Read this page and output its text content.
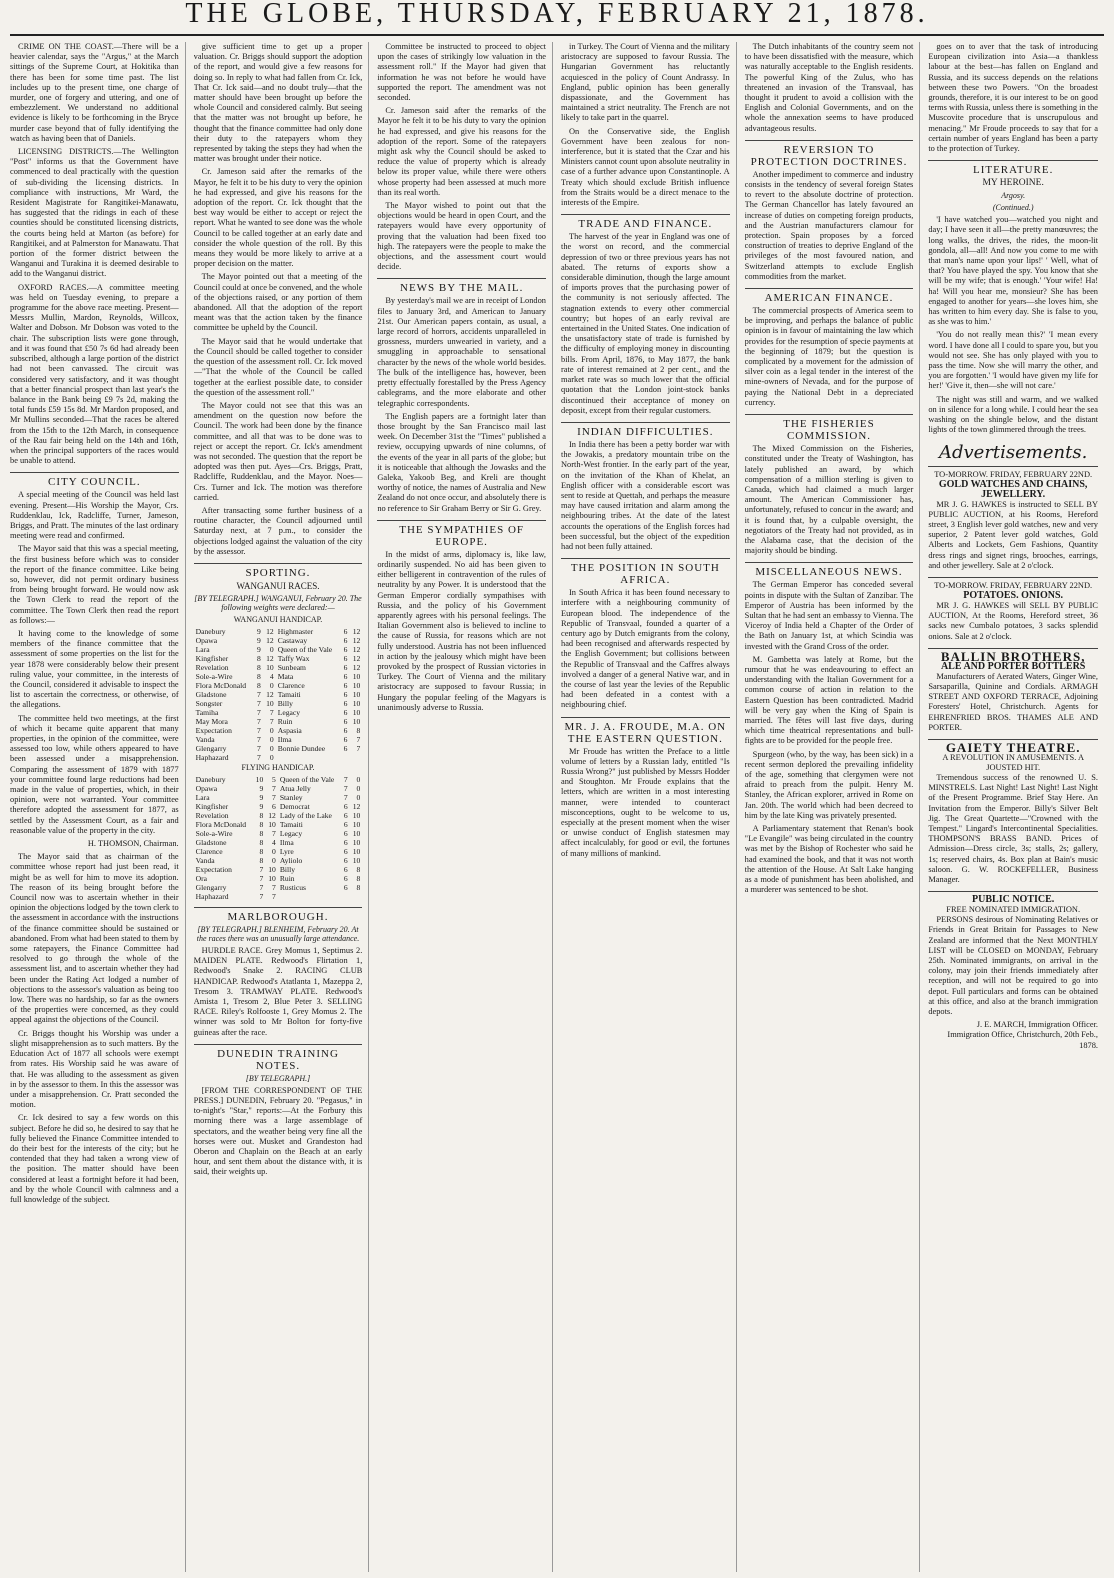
THE GLOBE, THURSDAY, FEBRUARY 21, 1878.

CRIME ON THE COAST.—There will be a heavier calendar, says the "Argus," at the March sittings of the Supreme Court, at Hokitika than there has been for some time past. The list includes up to the present time, one charge of murder, one of forgery and uttering, and one of embezzlement. We understand no additional evidence is likely to be forthcoming in the Bryce murder case beyond that of fully identifying the watch as having been that of Daniels.

LICENSING DISTRICTS.—The Wellington "Post" informs us that the Government have commenced to deal practically with the question of sub-dividing the licensing districts. In compliance with instructions, Mr Ward, the Resident Magistrate for Rangitikei-Manawatu, has suggested that the ridings in each of these counties should be constituted licensing districts, the courts being held at Marton (as before) for Rangitikei, and at Palmerston for Manawatu. That portion of the former district between the Wanganui and Turakina it is deemed desirable to add to the Wanganui district.

OXFORD RACES.—A committee meeting was held on Tuesday evening, to prepare a programme for the above race meeting. Present—Messrs Mullin, Mardon, Reynolds, Willcox, Walter and Dobson. Mr Dobson was voted to the chair. The subscription lists were gone through, and it was found that £50 7s 6d had already been subscribed, although a large portion of the district had not been canvassed. The circuit was considered very satisfactory, and it was thought that a better financial prospect than last year's the balance in the Bank being £9 7s 2d, making the total funds £59 15s 8d. Mr Mardon proposed, and Mr Mullins seconded—That the races be altered from the 15th to the 12th March, in consequence of the Rau fair being held on the 14th and 16th, when the principal supporters of the races would be unable to attend.

CITY COUNCIL.

A special meeting of the Council was held last evening. Present—His Worship the Mayor, Crs. Ruddenklau, Ick, Radcliffe, Turner, Jameson, Briggs, and Pratt. The minutes of the last ordinary meeting were read and confirmed.

The Mayor said that this was a special meeting, the first business before which was to consider the report of the finance committee. Like being so, however, did not permit ordinary business from being brought forward. He would now ask the Town Clerk to read the report of the committee. The Town Clerk then read the report as follows:—

It having come to the knowledge of some members of the finance committee that the assessment of some properties on the list for the year 1878 were considerably below their present ruling value, your committee, in the interests of the Council, considered it advisable to inspect the list to ascertain the correctness, or otherwise, of the allegations.

The committee held two meetings, at the first of which it became quite apparent that many properties, in the opinion of the committee, were assessed too low, while others appeared to have been assessed under a misapprehension. Comparing the assessment of 1879 with 1877 your committee found large reductions had been made in the value of properties, which, in their opinion, were not warranted. Your committee therefore adopted the assessment for 1877, as settled by the Assessment Court, as a fair and reasonable value of the property in the city.

H. THOMSON, Chairman.

The Mayor said that as chairman of the committee whose report had just been read, it might be as well for him to move its adoption. The reason of its being brought before the Council now was to ascertain whether in their opinion the objections lodged by the town clerk to the assessment in accordance with the instructions of the finance committee should be sustained or abandoned. From what had been stated to them by some ratepayers, the Finance Committee had resolved to go through the whole of the assessment list, and to ascertain whether they had been under the Rating Act lodged a number of objections to the assessor's valuation as being too low. There was no hardship, so far as the owners of the properties were concerned, as they could appeal against the objections of the Council.

Cr. Briggs thought his Worship was under a slight misapprehension as to such matters. By the Education Act of 1877 all schools were exempt from rates. His Worship said he was aware of that. He was alluding to the assessment as given in by the assessor to them. In this the assessor was under a misapprehension. Cr. Pratt seconded the motion.

Cr. Ick desired to say a few words on this subject. Before he did so, he desired to say that he fully believed the Finance Committee intended to do their best for the interests of the city; but he contended that they had taken a wrong view of the position. The matter should have been considered at least a fortnight before it had been, and by the whole Council with calmness and a full knowledge of the subject.

give sufficient time to get up a proper valuation. Cr. Briggs should support the adoption of the report, and would give a few reasons for doing so. In reply to what had fallen from Cr. Ick, That Cr. Ick said—and no doubt truly—that the matter should have been brought up before the whole Council and considered calmly. But seeing that the matter was not brought up before, he thought that the finance committee had only done their duty to the ratepayers whom they represented by taking the steps they had when the matter was brought under their notice.

Cr. Jameson said after the remarks of the Mayor, he felt it to be his duty to very the opinion he had expressed, and give his reasons for the adoption of the report. Cr. Ick thought that the best way would be either to accept or reject the report. What he wanted to see done was the whole Council to be called together at an early date and consider the whole question of the roll. By this means they would be more likely to arrive at a proper decision on the matter.

The Mayor pointed out that a meeting of the Council could at once be convened, and the whole of the objections raised, or any portion of them abandoned. All that the adoption of the report meant was that the action taken by the finance committee be upheld by the Council.

The Mayor said that he would undertake that the Council should be called together to consider the question of the assessment roll. Cr. Ick moved—"That the whole of the Council be called together at the earliest possible date, to consider the question of the assessment roll."

The Mayor could not see that this was an amendment on the question now before the Council. The work had been done by the finance committee, and all that was to be done was to reject or accept the report. Cr. Ick's amendment was not seconded. The question that the report be adopted was then put. Ayes—Crs. Briggs, Pratt, Radcliffe, Ruddenklau, and the Mayor. Noes—Crs. Turner and Ick. The motion was therefore carried.

After transacting some further business of a routine character, the Council adjourned until Saturday next, at 7 p.m., to consider the objections lodged against the valuation of the city by the assessor.

SPORTING.
WANGANUI RACES.
[BY TELEGRAPH.] WANGANUI, February 20. The following weights were declared:—
WANGANUI HANDICAP.
Danebury	9	12	Highmaster	6	12
Opawa	9	12	Castaway	6	12
Lara	9	0	Queen of the Vale	6	12
Kingfisher	8	12	Taffy Wax	6	12
Revelation	8	10	Sunbeam	6	12
Sole-a-Wire	8	4	Mata	6	10
Flora McDonald	8	0	Clarence	6	10
Gladstone	7	12	Tamaiti	6	10
Songster	7	10	Billy	6	10
Tamiha	7	7	Legacy	6	10
May Mora	7	7	Ruin	6	10
Expectation	7	0	Aspasia	6	8
Vanda	7	0	Ilma	6	7
Glengarry	7	0	Bonnie Dundee	6	7
Haphazard	7	0			
FLYING HANDICAP.
Danebury	10	5	Queen of the Vale	7	0
Opawa	9	7	Atua Jelly	7	0
Lara	9	7	Stanley	7	0
Kingfisher	9	6	Democrat	6	12
Revelation	8	12	Lady of the Lake	6	10
Flora McDonald	8	10	Tamaiti	6	10
Sole-a-Wire	8	7	Legacy	6	10
Gladstone	8	4	Ilma	6	10
Clarence	8	0	Lyre	6	10
Vanda	8	0	Ayliolo	6	10
Expectation	7	10	Billy	6	8
Ora	7	10	Ruin	6	8
Glengarry	7	7	Rusticus	6	8
Haphazard	7	7			
MARLBOROUGH.
[BY TELEGRAPH.] BLENHEIM, February 20. At the races there was an unusually large attendance.

HURDLE RACE. Grey Momus 1, Septimus 2. MAIDEN PLATE. Redwood's Flirtation 1, Redwood's Snake 2. RACING CLUB HANDICAP. Redwood's Atatlanta 1, Mazeppa 2, Tresom 3. TRAMWAY PLATE. Redwood's Amista 1, Tresom 2, Blue Peter 3. SELLING RACE. Riley's Rolfooste 1, Grey Momus 2. The winner was sold to Mr Bolton for forty-five guineas after the race.

DUNEDIN TRAINING NOTES.
[BY TELEGRAPH.]

[FROM THE CORRESPONDENT OF THE PRESS.] DUNEDIN, February 20. "Pegasus," in to-night's "Star," reports:—At the Forbury this morning there was a large assemblage of spectators, and the weather being very fine all the horses were out. Musket and Grandeston had Oberon and Chaplain on the Beach at an early hour, and sent them about the distance with, it is said, their weights up.

Committee be instructed to proceed to object upon the cases of strikingly low valuation in the assessment roll." If the Mayor had given that information he was not before he would have supported the report. The amendment was not seconded.

Cr. Jameson said after the remarks of the Mayor he felt it to be his duty to vary the opinion he had expressed, and give his reasons for the adoption of the report. Some of the ratepayers might ask why the Council should be asked to reduce the value of property which is already below its proper value, while there were others whose property had been assessed at much more than its real worth.

The Mayor wished to point out that the objections would be heard in open Court, and the ratepayers would have every opportunity of proving that the valuation had been fixed too high. The ratepayers were the people to make the objections, and the assessment court would decide.

NEWS BY THE MAIL.

By yesterday's mail we are in receipt of London files to January 3rd, and American to January 21st. Our American papers contain, as usual, a large record of horrors, accidents unparalleled in grossness, murders unwearied in variety, and a smuggling in approachable to sensational character by the news of the whole world besides. The bulk of the intelligence has, however, been pretty effectually forestalled by the Press Agency cablegrams, and the more elaborate and other telegraphic correspondents.

The English papers are a fortnight later than those brought by the San Francisco mail last week. On December 31st the "Times" published a review, occupying upwards of nine columns, of the events of the year in all parts of the globe; but it is noticeable that although the Jowasks and the Galeka, Yakoob Beg, and Kreli are thought worthy of notice, the names of Australia and New Zealand do not once occur, and absolutely there is no reference to Sir Graham Berry or Sir G. Grey.

THE SYMPATHIES OF EUROPE.

In the midst of arms, diplomacy is, like law, ordinarily suspended. No aid has been given to either belligerent in contravention of the rules of neutrality by any Power. It is understood that the German Emperor cordially sympathises with Russia, and the policy of his Government apparently agrees with his personal feelings. The Italian Government also is believed to incline to the cause of Russia, for reasons which are not fully understood. Austria has not been influenced in action by the jealousy which might have been provoked by the prospect of Russian victories in Turkey. The Court of Vienna and the military aristocracy are supposed to favour Russia; in Hungary the popular feeling of the Magyars is unanimously adverse to Russia.

in Turkey. The Court of Vienna and the military aristocracy are supposed to favour Russia. The Hungarian Government has reluctantly acquiesced in the policy of Count Andrassy. In England, public opinion has been generally dispassionate, and the Government has maintained a strict neutrality. The French are not likely to take part in the quarrel.

On the Conservative side, the English Government have been zealous for non-interference, but it is stated that the Czar and his Ministers cannot count upon absolute neutrality in case of a further advance upon Constantinople. A Treaty which should exclude British influence from the Straits would be a direct menace to the interests of the Empire.

TRADE AND FINANCE.

The harvest of the year in England was one of the worst on record, and the commercial depression of two or three previous years has not abated. The returns of exports show a considerable diminution, though the large amount of imports proves that the purchasing power of the community is not seriously affected. The stagnation extends to every other commercial country; but hopes of an early revival are entertained in the United States. One indication of the unsatisfactory state of trade is furnished by the difficulty of employing money in discounting bills. From April, 1876, to May 1877, the bank rate of interest remained at 2 per cent., and the market rate was so much lower that the official quotation that the London joint-stock banks discontinued their acceptance of money on deposit, except from their regular customers.

INDIAN DIFFICULTIES.

In India there has been a petty border war with the Jowakis, a predatory mountain tribe on the North-West frontier. In the early part of the year, on the invitation of the Khan of Khelat, an English officer with a considerable escort was sent to reside at Quettah, and perhaps the measure may have caused irritation and alarm among the neighbouring tribes. At the date of the latest accounts the operations of the English forces had been successful, but the object of the expedition had not been fully attained.

THE POSITION IN SOUTH AFRICA.

In South Africa it has been found necessary to interfere with a neighbouring community of European blood. The independence of the Republic of Transvaal, founded a quarter of a century ago by Dutch emigrants from the colony, had been recognised and afterwards respected by the English Government; but collisions between the Republic of Transvaal and the Caffres always involved a danger of a general Native war, and in the course of last year the levies of the Republic had been defeated in a contest with a neighbouring chief.

MR. J. A. FROUDE, M.A. ON THE EASTERN QUESTION.

Mr Froude has written the Preface to a little volume of letters by a Russian lady, entitled "Is Russia Wrong?" just published by Messrs Hodder and Stoughton. Mr Froude explains that the letters, which are written in a most interesting manner, were intended to counteract misconceptions, ought to be welcome to us, especially at the present moment when the wiser or unwise conduct of English statesmen may affect incalculably, for good or evil, the fortunes of many millions of mankind.

The Dutch inhabitants of the country seem not to have been dissatisfied with the measure, which was naturally acceptable to the English residents. The powerful King of the Zulus, who has threatened an invasion of the Transvaal, has thought it prudent to avoid a collision with the English and Colonial Governments, and on the whole the annexation seems to have produced advantageous results.

REVERSION TO PROTECTION DOCTRINES.

Another impediment to commerce and industry consists in the tendency of several foreign States to revert to the absolute doctrine of protection. The German Chancellor has lately favoured an increase of duties on competing foreign products, and the Austrian manufacturers clamour for protection. Spain proposes by a forced construction of treaties to deprive England of the privileges of the most favoured nation, and Switzerland attempts to exclude English commodities from the market.

AMERICAN FINANCE.

The commercial prospects of America seem to be improving, and perhaps the balance of public opinion is in favour of maintaining the law which provides for the resumption of specie payments at the beginning of 1879; but the question is complicated by a movement for the admission of silver coin as a legal tender in the interest of the mine-owners of Nevada, and for the purpose of paying the National Debt in a depreciated currency.

THE FISHERIES COMMISSION.

The Mixed Commission on the Fisheries, constituted under the Treaty of Washington, has lately published an award, by which compensation of a million sterling is given to Canada, which had claimed a much larger amount. The American Commissioner has, unfortunately, refused to concur in the award; and it is found that, by a culpable oversight, the negotiators of the Treaty had not provided, as in the Alabama case, that the decision of the majority should be binding.

MISCELLANEOUS NEWS.

The German Emperor has conceded several points in dispute with the Sultan of Zanzibar. The Emperor of Austria has been informed by the Sultan that he had sent an embassy to Vienna. The Viceroy of India held a Chapter of the Order of the Bath on January 1st, at which Scindia was invested with the Grand Cross of the order.

M. Gambetta was lately at Rome, but the rumour that he was endeavouring to effect an understanding with the Italian Government for a common course of action in relation to the Eastern Question has been contradicted. Madrid will be very gay when the King of Spain is married. The fêtes will last five days, during which time theatrical representations and bull-fights are to be provided for the people free.

Spurgeon (who, by the way, has been sick) in a recent sermon deplored the prevailing infidelity of the age, something that clergymen were not afraid to preach from the pulpit. Henry M. Stanley, the African explorer, arrived in Rome on Jan. 20th. The world which had been decreed to him by the late King was privately presented.

A Parliamentary statement that Renan's book "Le Evangile" was being circulated in the country was met by the Bishop of Rochester who said he had examined the book, and that it was not worth the attention of the House. At Salt Lake hanging as a mode of punishment has been abolished, and a murderer was sentenced to be shot.

goes on to aver that the task of introducing European civilization into Asia—a thankless labour at the best—has fallen on England and Russia, and its success depends on the relations between these two Powers. "On the broadest grounds, therefore, it is our interest to be on good terms with Russia, unless there is something in the Muscovite procedure that is unscrupulous and menacing." Mr Froude proceeds to say that for a certain number of years England has been a party to the protection of Turkey.

LITERATURE.
MY HEROINE.
Argosy.
(Continued.)

'I have watched you—watched you night and day; I have seen it all—the pretty manœuvres; the long walks, the drives, the rides, the moon-lit gondola, all—all! And now you come to me with that man's name upon your lips!' ' Well, what of that? You have played the spy. You know that she will be my wife; that is enough.' 'Your wife! Ha! ha! Will you hear me, monsieur? She has been engaged to another for years—she loves him, she has written to him every day. She is false to you, as she was to him.'

'You do not really mean this?' 'I mean every word. I have done all I could to spare you, but you would not see. She has only played with you to pass the time. Now she will marry the other, and you are forgotten.' 'I would have given my life for her!' 'Give it, then—she will not care.'

The night was still and warm, and we walked on in silence for a long while. I could hear the sea washing on the shingle below, and the distant lights of the town glimmered through the trees.

Advertisements.
TO-MORROW. FRIDAY, FEBRUARY 22ND.
GOLD WATCHES AND CHAINS, JEWELLERY.

MR J. G. HAWKES is instructed to SELL BY PUBLIC AUCTION, at his Rooms, Hereford street, 3 English lever gold watches, new and very superior, 2 Patent lever gold watches, Gold Alberts and Lockets, Gem Fashions, Quantity dress rings and signet rings, brooches, earrings, and other jewellery. Sale at 2 o'clock.

TO-MORROW. FRIDAY, FEBRUARY 22ND.
POTATOES. ONIONS.

MR J. G. HAWKES will SELL BY PUBLIC AUCTION, At the Rooms, Hereford street, 36 sacks new Cumbalo potatoes, 3 sacks splendid onions. Sale at 2 o'clock.

BALLIN BROTHERS,
ALE AND PORTER BOTTLERS

Manufacturers of Aerated Waters, Ginger Wine, Sarsaparilla, Quinine and Cordials. ARMAGH STREET AND OXFORD TERRACE, Adjoining Foresters' Hotel, Christchurch. Agents for EHRENFRIED BROS. THAMES ALE AND PORTER.

GAIETY THEATRE.
A REVOLUTION IN AMUSEMENTS. A JOUSTED HIT.

Tremendous success of the renowned U. S. MINSTRELS. Last Night! Last Night! Last Night of the Present Programme. Brief Stay Here. An Invitation from the Emperor. Billy's Silver Belt Jig. The Great Quartette—"Crowned with the Tempest." Lingard's Intercontinental Specialities. THOMPSON'S BRASS BAND. Prices of Admission—Dress circle, 3s; stalls, 2s; gallery, 1s; reserved chairs, 4s. Box plan at Bain's music saloon. G. W. ROCKEFELLER, Business Manager.

PUBLIC NOTICE.
FREE NOMINATED IMMIGRATION.

PERSONS desirous of Nominating Relatives or Friends in Great Britain for Passages to New Zealand are informed that the Next MONTHLY LIST will be CLOSED on MONDAY, February 25th. Nominated immigrants, on arrival in the colony, may join their friends immediately after reception, and will not be required to go into depot. Full particulars and forms can be obtained at this office, and also at the branch immigration depots.

J. E. MARCH, Immigration Officer. Immigration Office, Christchurch, 20th Feb., 1878.
